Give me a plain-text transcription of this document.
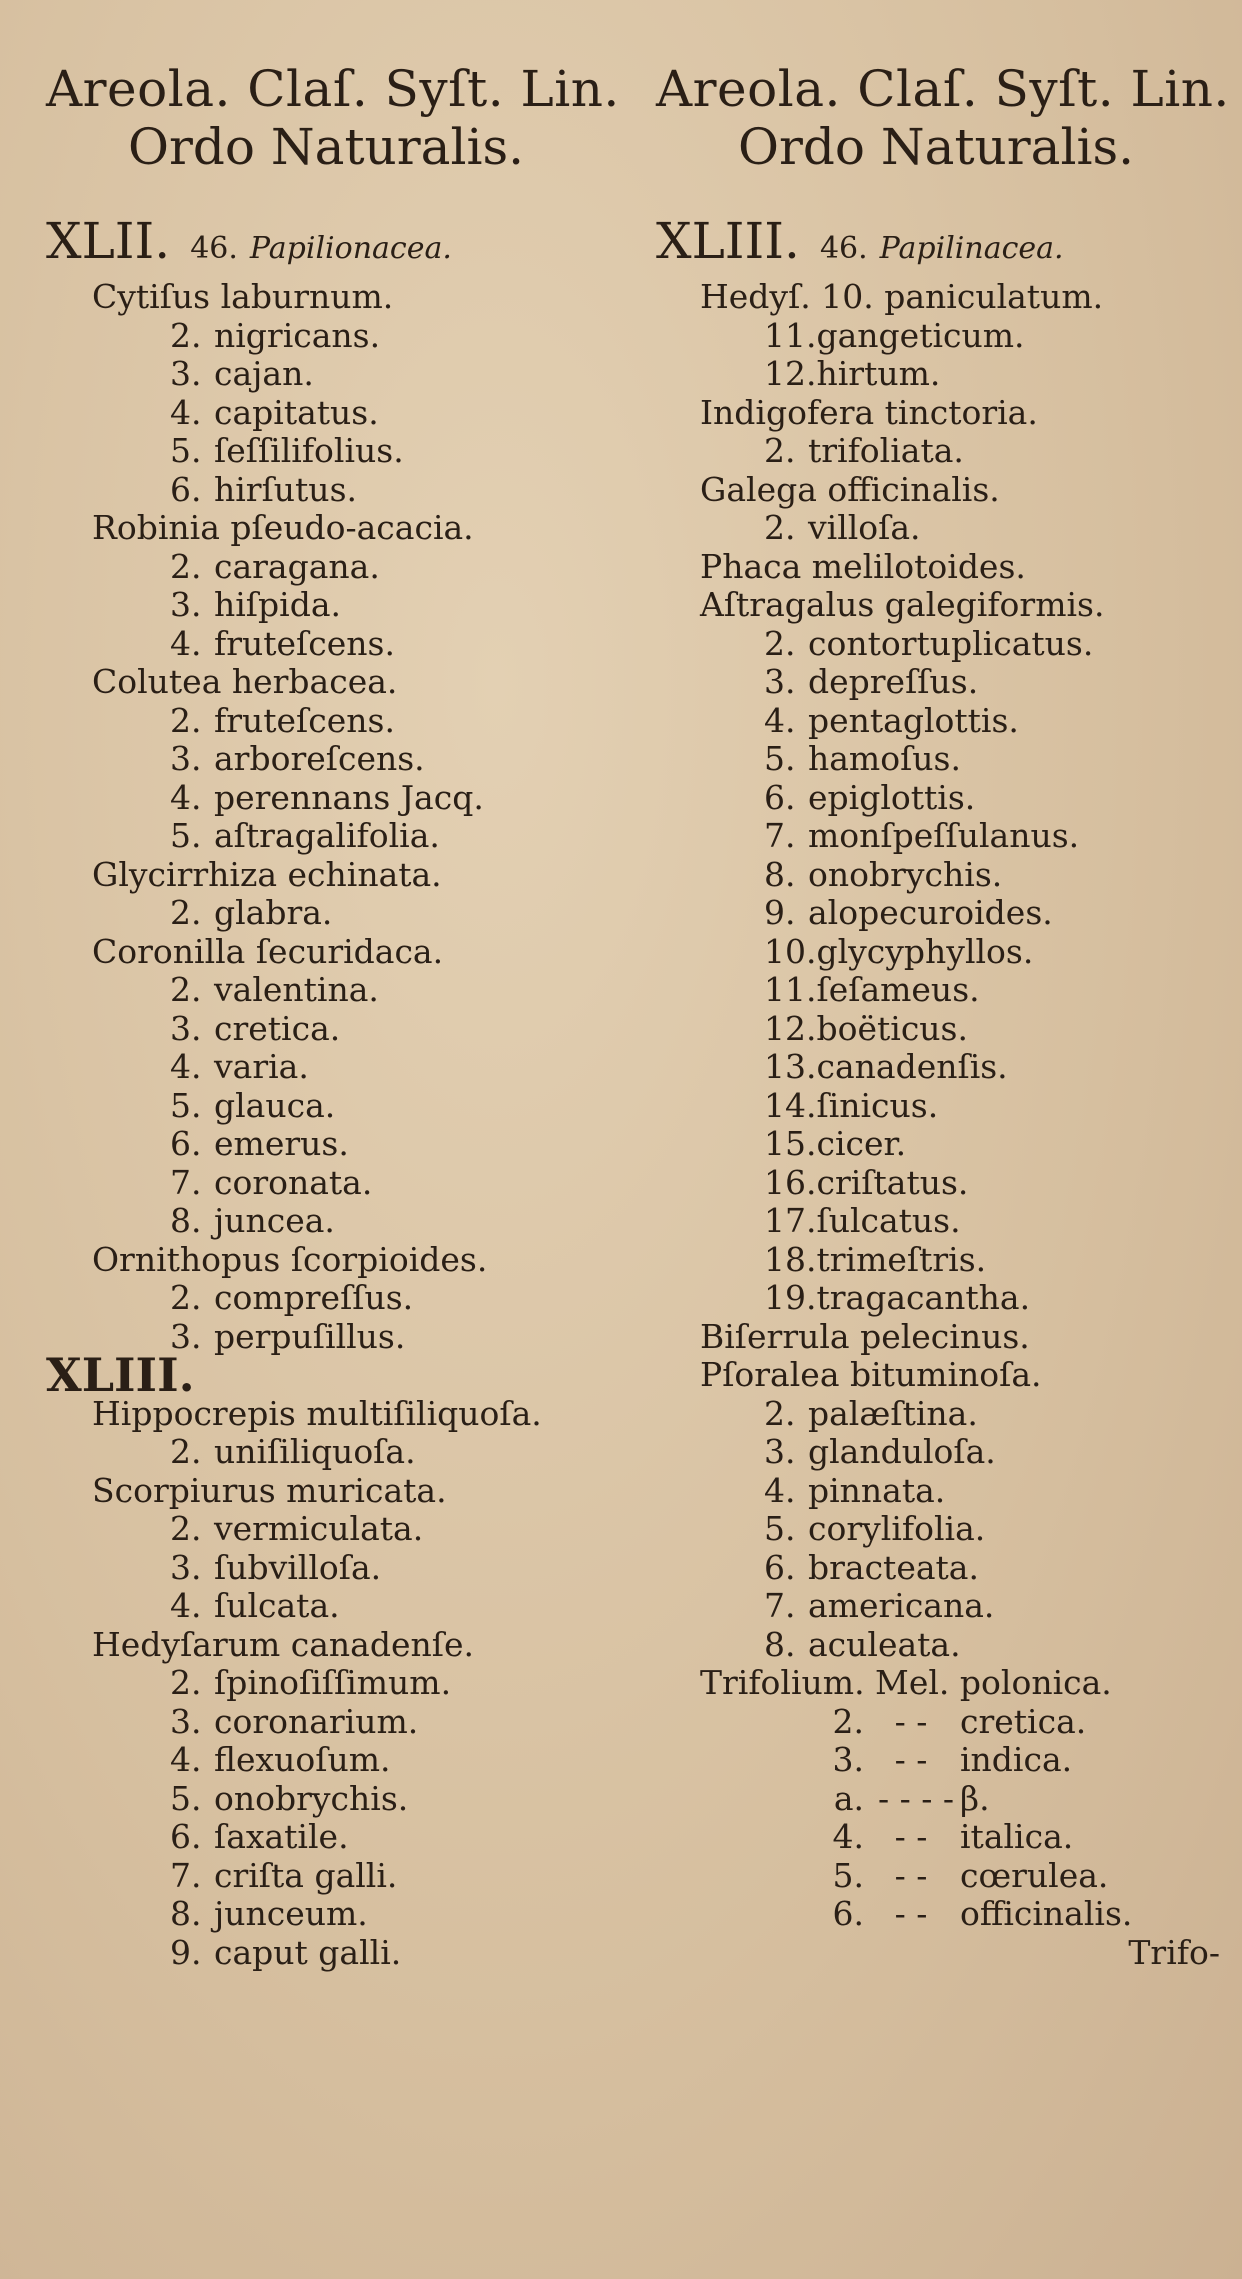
Areola. Claſ. Syſt. Lin.
Ordo Naturalis.
XLII. 46. Papilionacea.
Cytiſus laburnum.
2. nigricans.
3. cajan.
4. capitatus.
5. ſeſſilifolius.
6. hirſutus.
Robinia pſeudo-acacia.
2. caragana.
3. hiſpida.
4. fruteſcens.
Colutea herbacea.
2. fruteſcens.
3. arboreſcens.
4. perennans Jacq.
5. aſtragalifolia.
Glycirrhiza echinata.
2. glabra.
Coronilla ſecuridaca.
2. valentina.
3. cretica.
4. varia.
5. glauca.
6. emerus.
7. coronata.
8. juncea.
Ornithopus ſcorpioides.
2. compreſſus.
3. perpuſillus.
XLIII.
Hippocrepis multiſiliquoſa.
2. uniſiliquoſa.
Scorpiurus muricata.
2. vermiculata.
3. ſubvilloſa.
4. ſulcata.
Hedyſarum canadenſe.
2. ſpinoſiſſimum.
3. coronarium.
4. flexuoſum.
5. onobrychis.
6. ſaxatile.
7. criſta galli.
8. junceum.
9. caput galli.
Areola. Claſ. Syſt. Lin.
Ordo Naturalis.
XLIII. 46. Papilinacea.
Hedyſ. 10. paniculatum.
11.gangeticum.
12.hirtum.
Indigofera tinctoria.
2. trifoliata.
Galega officinalis.
2. villoſa.
Phaca melilotoides.
Aſtragalus galegiformis.
2. contortuplicatus.
3. depreſſus.
4. pentaglottis.
5. hamoſus.
6. epiglottis.
7. monſpeſſulanus.
8. onobrychis.
9. alopecuroides.
10.glycyphyllos.
11.ſeſameus.
12.boëticus.
13.canadenſis.
14.ſinicus.
15.cicer.
16.criſtatus.
17.ſulcatus.
18.trimeſtris.
19.tragacantha.
Biſerrula pelecinus.
Pſoralea bituminoſa.
2. palæſtina.
3. glanduloſa.
4. pinnata.
5. corylifolia.
6. bracteata.
7. americana.
8. aculeata.
Trifolium. Mel. polonica.
2. - - cretica.
3. - - indica.
a. - - - - β.
4. - - italica.
5. - - cœrulea.
6. - - officinalis.
Trifo-
